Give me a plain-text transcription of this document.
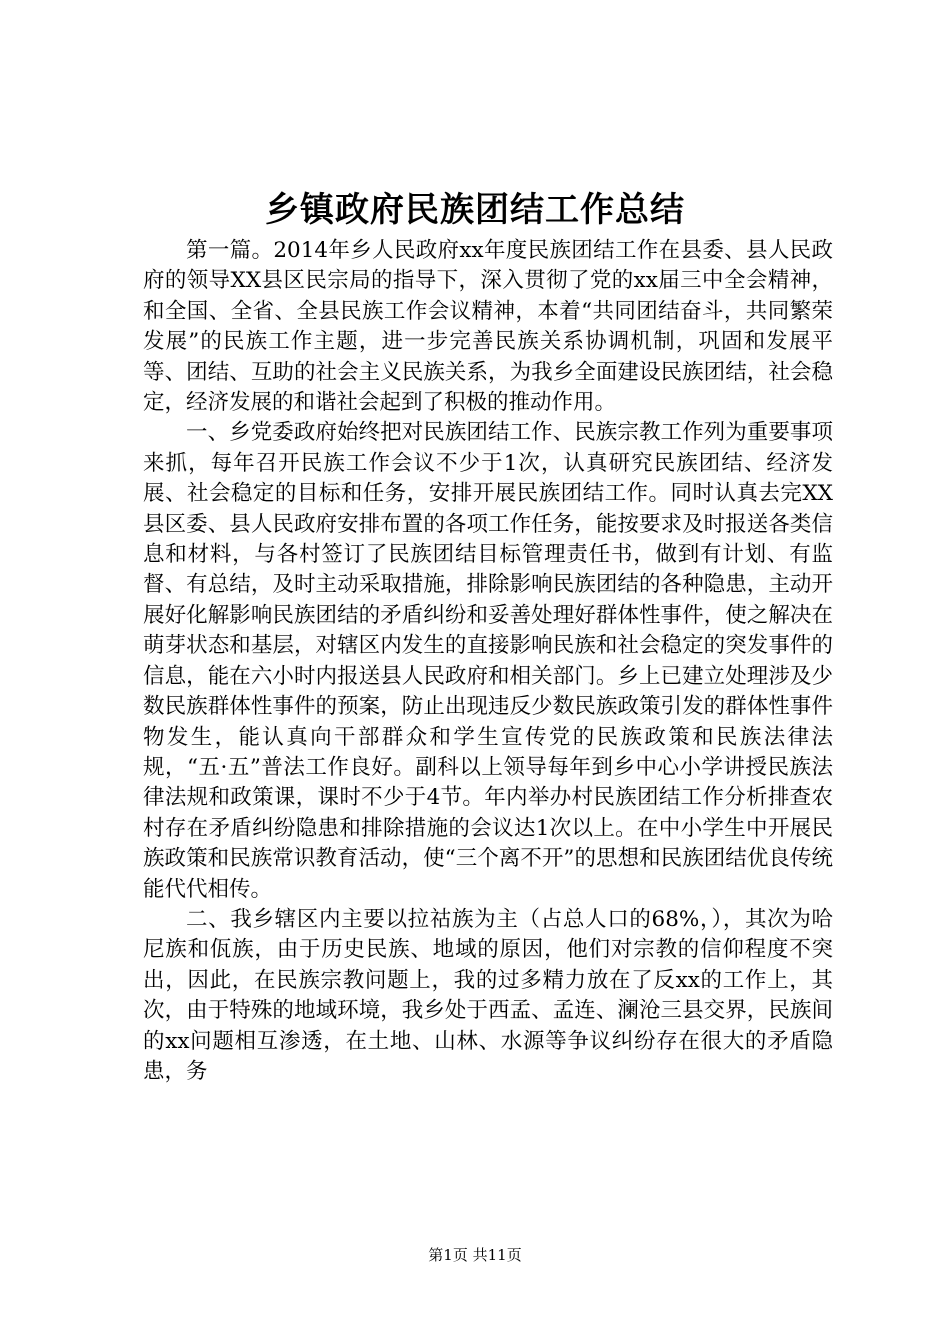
乡镇政府民族团结工作总结

第一篇。2014年乡人民政府xx年度民族团结工作在县委、县人民政府的领导XX县区民宗局的指导下，深入贯彻了党的xx届三中全会精神，和全国、全省、全县民族工作会议精神，本着“共同团结奋斗，共同繁荣发展”的民族工作主题，进一步完善民族关系协调机制，巩固和发展平等、团结、互助的社会主义民族关系，为我乡全面建设民族团结，社会稳定，经济发展的和谐社会起到了积极的推动作用。

一、乡党委政府始终把对民族团结工作、民族宗教工作列为重要事项来抓，每年召开民族工作会议不少于1次，认真研究民族团结、经济发展、社会稳定的目标和任务，安排开展民族团结工作。同时认真去完XX县区委、县人民政府安排布置的各项工作任务，能按要求及时报送各类信息和材料，与各村签订了民族团结目标管理责任书，做到有计划、有监督、有总结，及时主动采取措施，排除影响民族团结的各种隐患，主动开展好化解影响民族团结的矛盾纠纷和妥善处理好群体性事件，使之解决在萌芽状态和基层，对辖区内发生的直接影响民族和社会稳定的突发事件的信息，能在六小时内报送县人民政府和相关部门。乡上已建立处理涉及少数民族群体性事件的预案，防止出现违反少数民族政策引发的群体性事件物发生，能认真向干部群众和学生宣传党的民族政策和民族法律法规，“五·五”普法工作良好。副科以上领导每年到乡中心小学讲授民族法律法规和政策课，课时不少于4节。年内举办村民族团结工作分析排查农村存在矛盾纠纷隐患和排除措施的会议达1次以上。在中小学生中开展民族政策和民族常识教育活动，使“三个离不开”的思想和民族团结优良传统能代代相传。

二、我乡辖区内主要以拉祜族为主（占总人口的68%，），其次为哈尼族和佤族，由于历史民族、地域的原因，他们对宗教的信仰程度不突出，因此，在民族宗教问题上，我的过多精力放在了反xx的工作上，其次，由于特殊的地域环境，我乡处于西孟、孟连、澜沧三县交界，民族间的xx问题相互渗透，在土地、山林、水源等争议纠纷存在很大的矛盾隐患，务

第1页 共11页
